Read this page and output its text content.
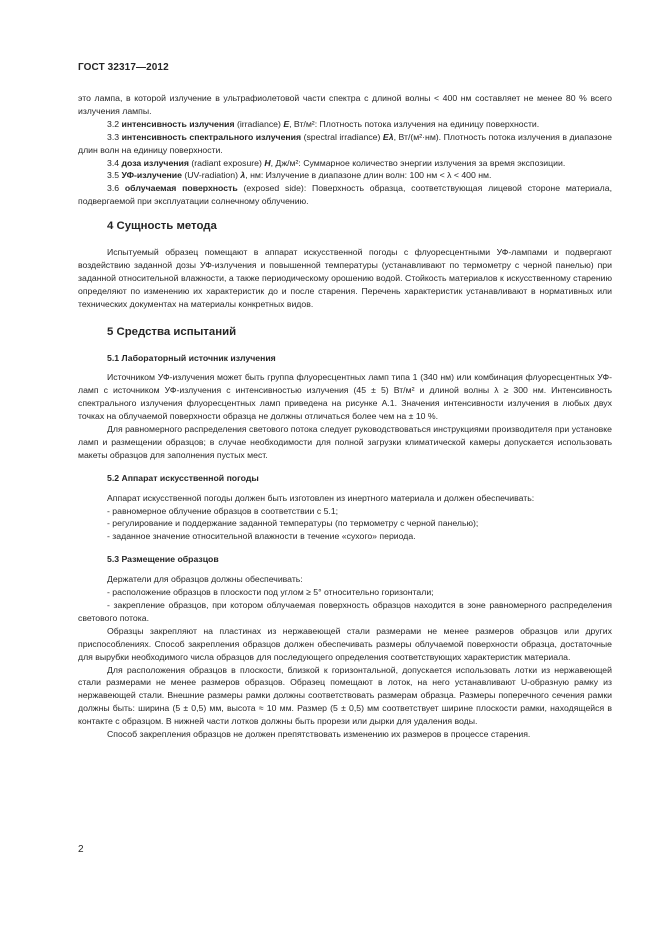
ГОСТ 32317—2012

это лампа, в которой излучение в ультрафиолетовой части спектра с длиной волны < 400 нм составляет не менее 80 % всего излучения лампы.

3.2 интенсивность излучения (irradiance) E, Вт/м²: Плотность потока излучения на единицу поверхности.

3.3 интенсивность спектрального излучения (spectral irradiance) Eλ, Вт/(м²·нм). Плотность потока излучения в диапазоне длин волн на единицу поверхности.

3.4 доза излучения (radiant exposure) H, Дж/м²: Суммарное количество энергии излучения за время экспозиции.

3.5 УФ-излучение (UV-radiation) λ, нм: Излучение в диапазоне длин волн: 100 нм < λ < 400 нм.

3.6 облучаемая поверхность (exposed side): Поверхность образца, соответствующая лицевой стороне материала, подвергаемой при эксплуатации солнечному облучению.

4 Сущность метода

Испытуемый образец помещают в аппарат искусственной погоды с флуоресцентными УФ-лампами и подвергают воздействию заданной дозы УФ-излучения и повышенной температуры (устанавливают по термометру с черной панелью) при заданной относительной влажности, а также периодическому орошению водой. Стойкость материалов к искусственному старению определяют по изменению их характеристик до и после старения. Перечень характеристик устанавливают в нормативных или технических документах на материалы конкретных видов.

5 Средства испытаний
5.1 Лабораторный источник излучения

Источником УФ-излучения может быть группа флуоресцентных ламп типа 1 (340 нм) или комбинация флуоресцентных УФ-ламп с источником УФ-излучения с интенсивностью излучения (45 ± 5) Вт/м² и длиной волны λ ≥ 300 нм. Интенсивность спектрального излучения флуоресцентных ламп приведена на рисунке А.1. Значения интенсивности излучения в любых двух точках на облучаемой поверхности образца не должны отличаться более чем на ± 10 %.

Для равномерного распределения светового потока следует руководствоваться инструкциями производителя при установке ламп и размещении образцов; в случае необходимости для полной загрузки климатической камеры допускается использовать макеты образцов для заполнения пустых мест.

5.2 Аппарат искусственной погоды

Аппарат искусственной погоды должен быть изготовлен из инертного материала и должен обеспечивать:

- равномерное облучение образцов в соответствии с 5.1;

- регулирование и поддержание заданной температуры (по термометру с черной панелью);

- заданное значение относительной влажности в течение «сухого» периода.

5.3 Размещение образцов

Держатели для образцов должны обеспечивать:

- расположение образцов в плоскости под углом ≥ 5° относительно горизонтали;

- закрепление образцов, при котором облучаемая поверхность образцов находится в зоне равномерного распределения светового потока.

Образцы закрепляют на пластинах из нержавеющей стали размерами не менее размеров образцов или других приспособлениях. Способ закрепления образцов должен обеспечивать размеры облучаемой поверхности образца, достаточные для вырубки необходимого числа образцов для последующего определения соответствующих характеристик материала.

Для расположения образцов в плоскости, близкой к горизонтальной, допускается использовать лотки из нержавеющей стали размерами не менее размеров образцов. Образец помещают в лоток, на него устанавливают U-образную рамку из нержавеющей стали. Внешние размеры рамки должны соответствовать размерам образца. Размеры поперечного сечения рамки должны быть: ширина (5 ± 0,5) мм, высота ≈ 10 мм. Размер (5 ± 0,5) мм соответствует ширине плоскости рамки, находящейся в контакте с образцом. В нижней части лотков должны быть прорези или дырки для удаления воды.

Способ закрепления образцов не должен препятствовать изменению их размеров в процессе старения.

2
